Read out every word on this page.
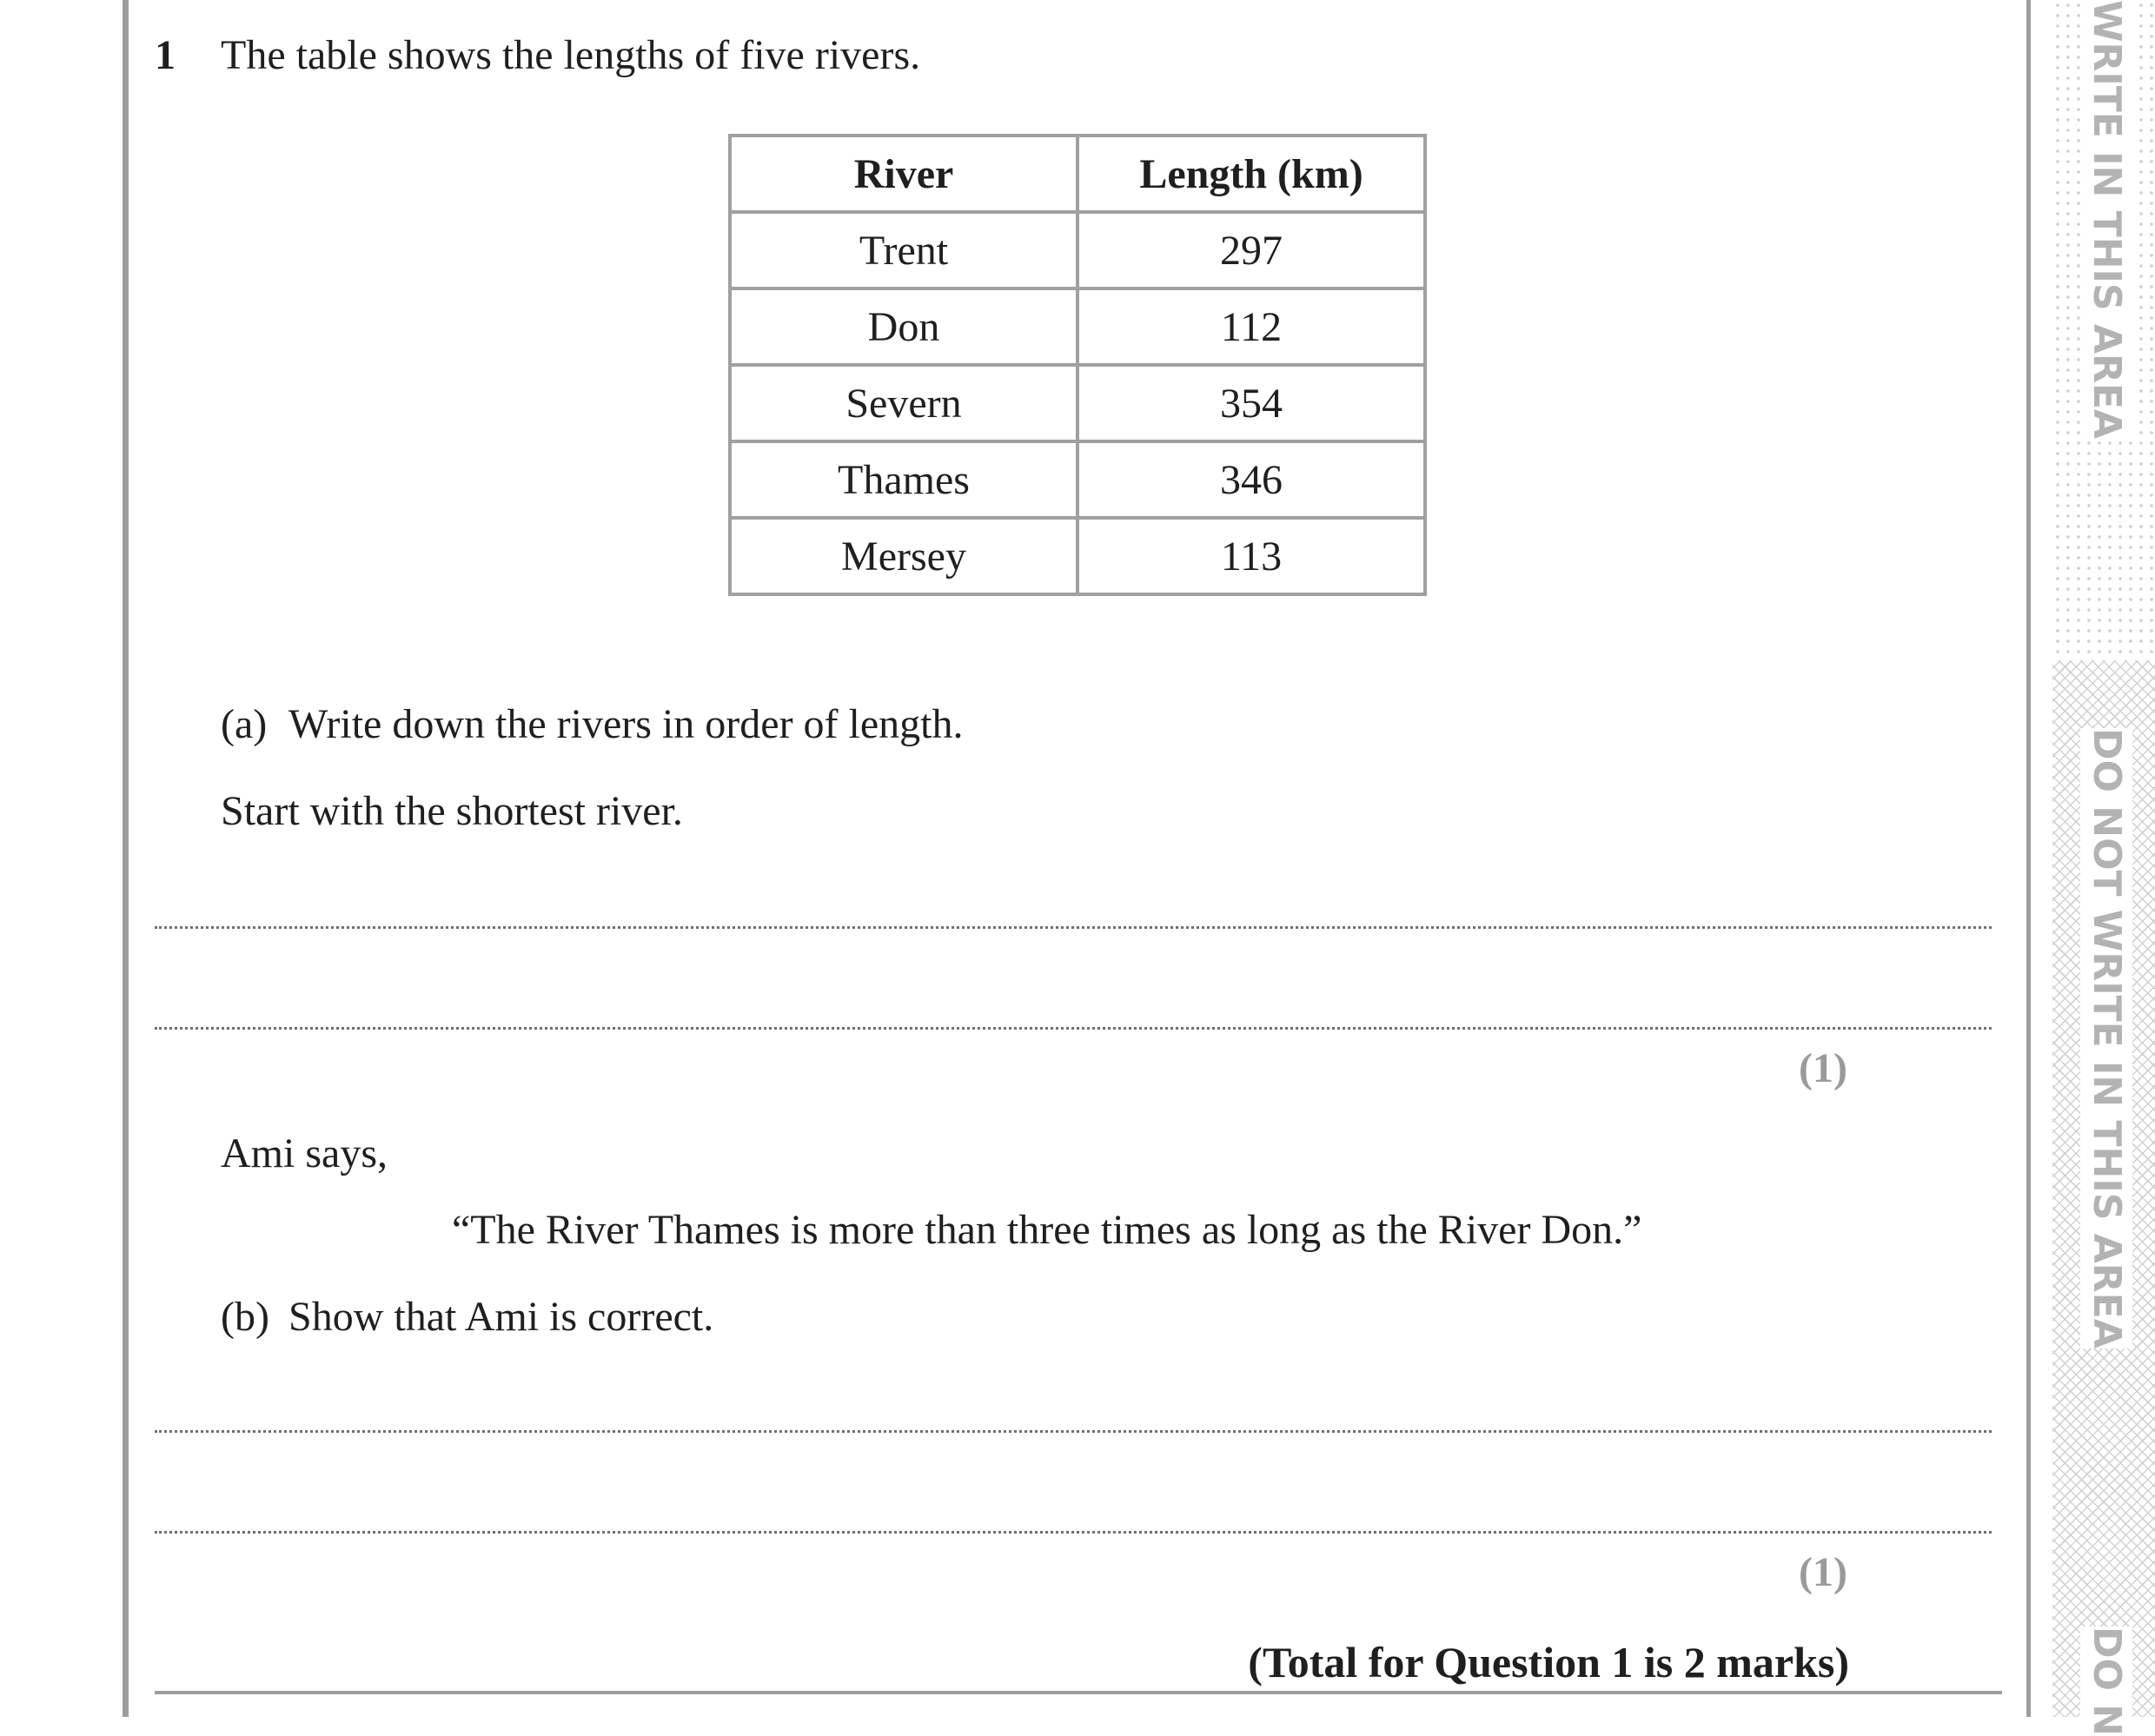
WRITE IN THIS AREA
DO NOT WRITE IN THIS AREA
DO N
1 The table shows the lengths of five rivers.
River	Length (km)
Trent	297
Don	112
Severn	354
Thames	346
Mersey	113
(a) Write down the rivers in order of length.
Start with the shortest river.
(1)
Ami says,
“The River Thames is more than three times as long as the River Don.”
(b) Show that Ami is correct.
(1)
(Total for Question 1 is 2 marks)
